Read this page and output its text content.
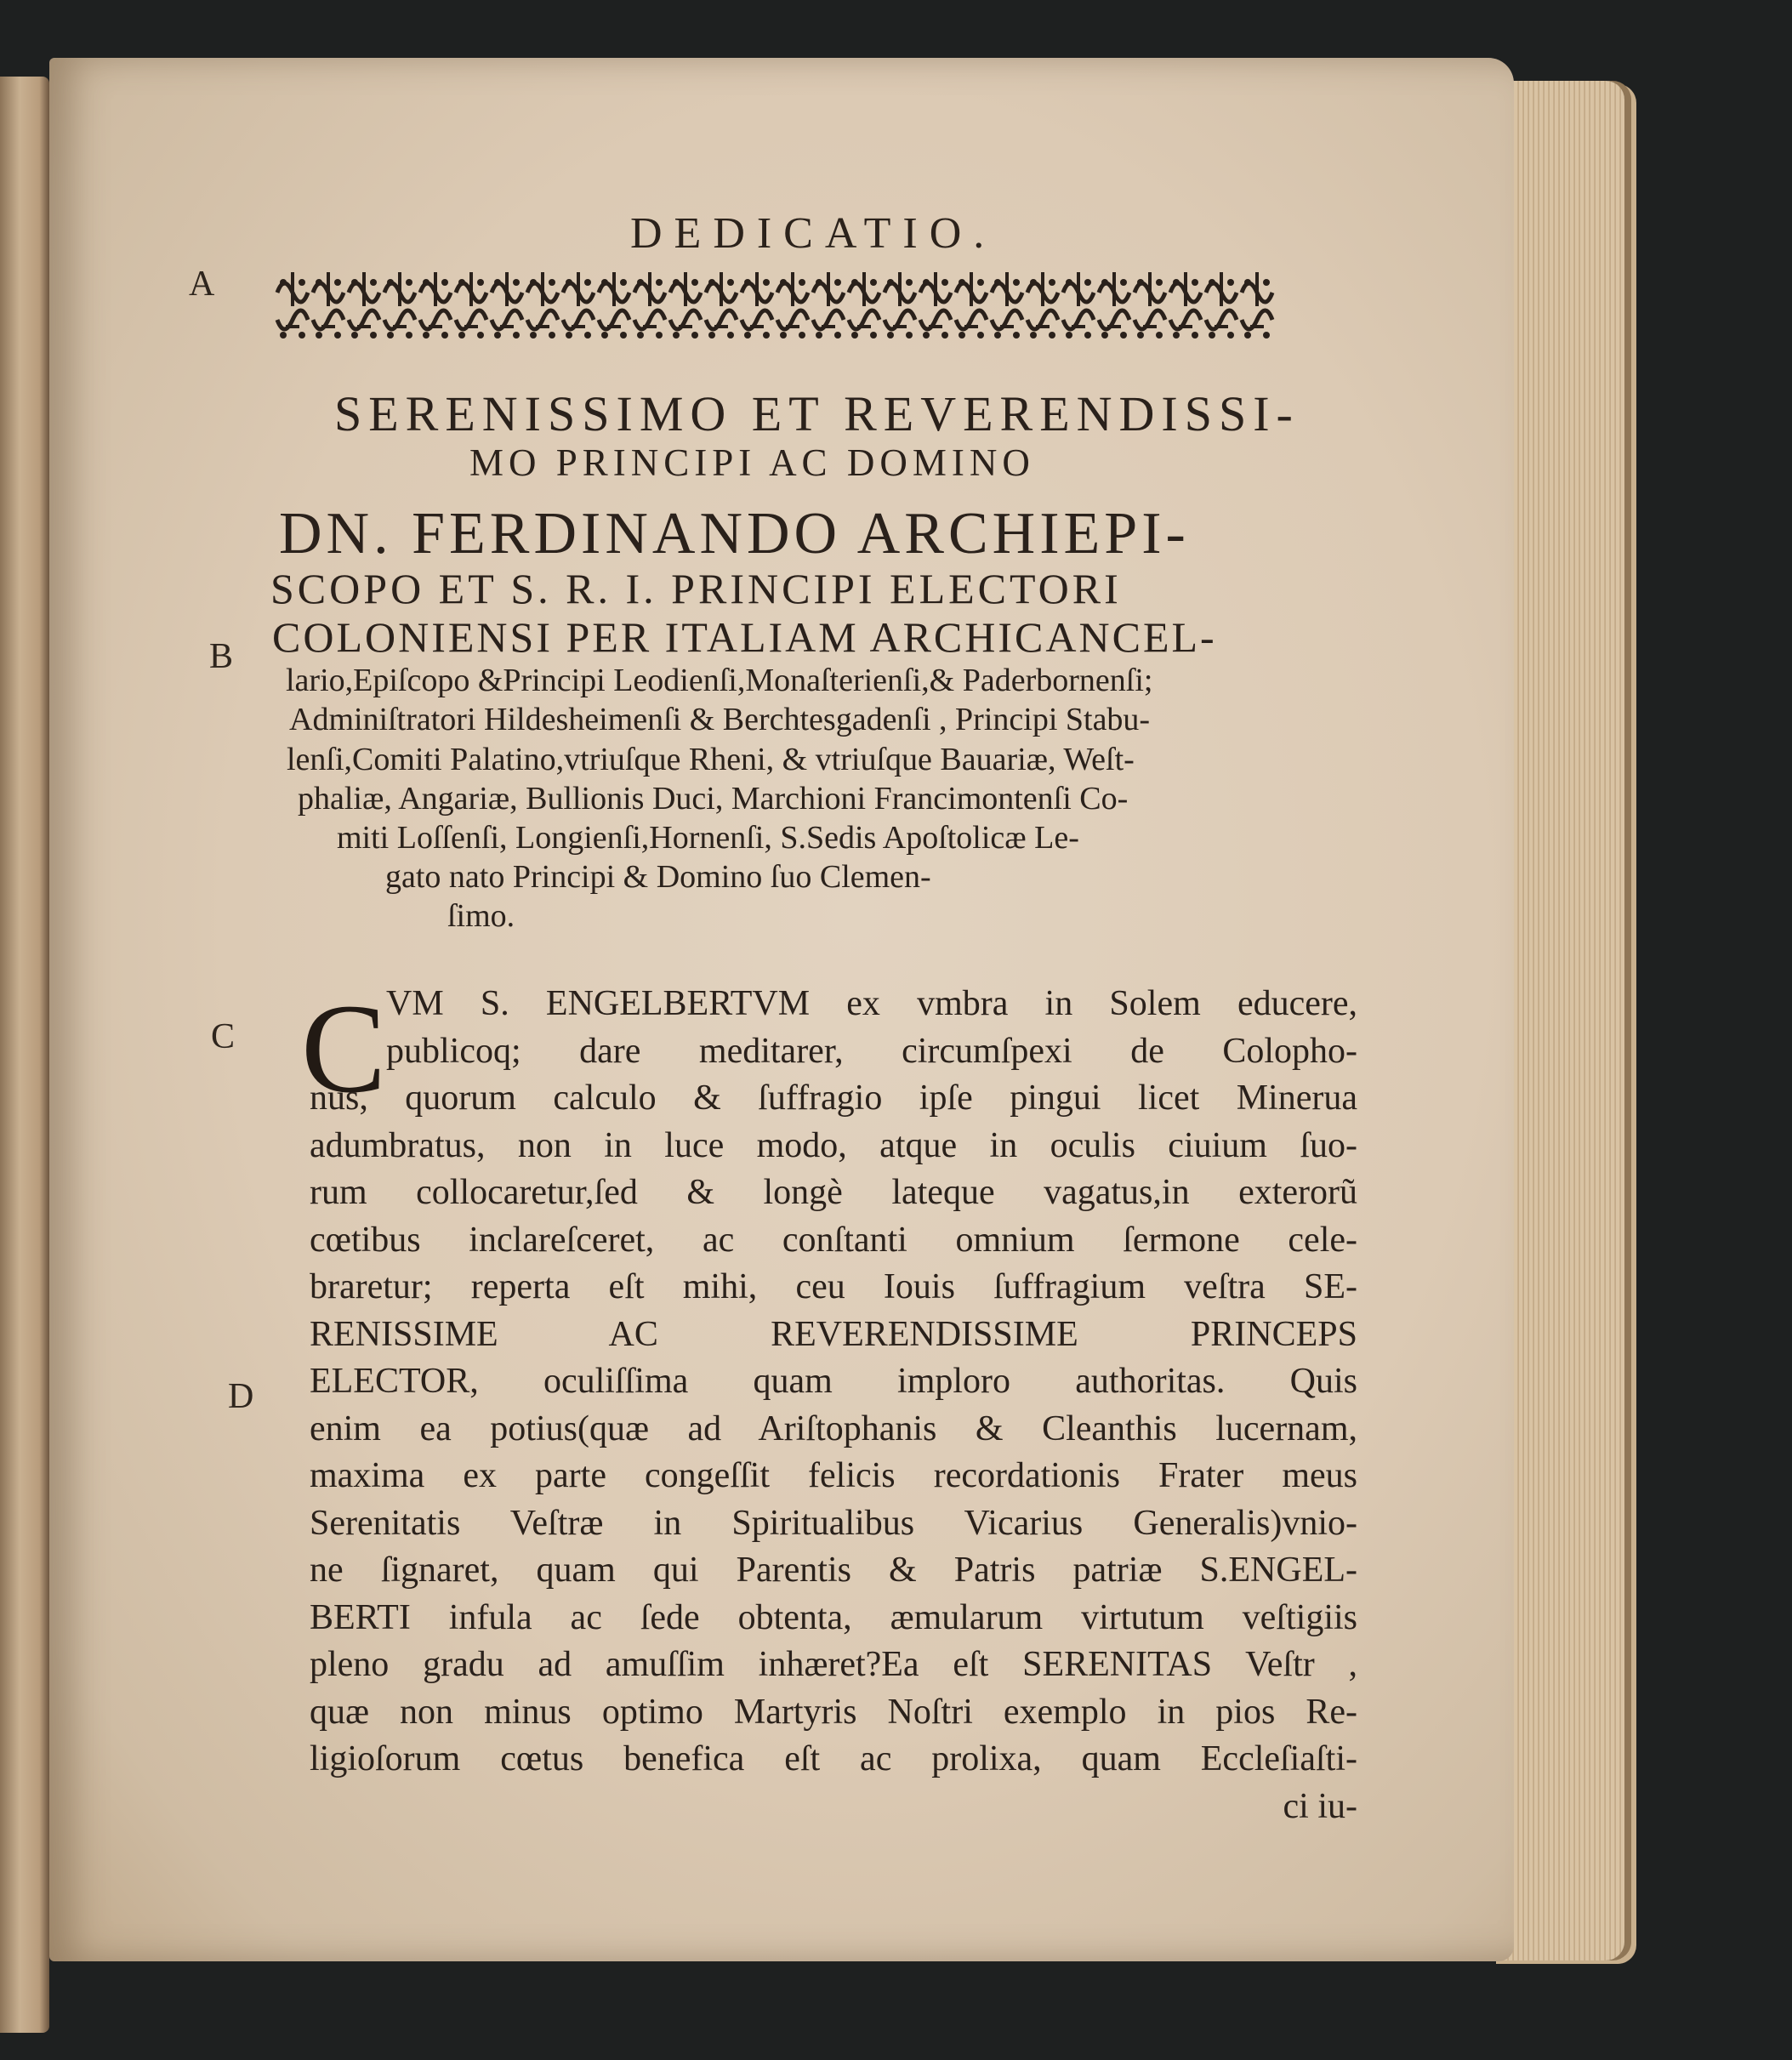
DEDICATIO.
A
B
C
D
SERENISSIMO ET REVERENDISSI-
MO PRINCIPI AC DOMINO
DN. FERDINANDO ARCHIEPI-
SCOPO ET S. R. I. PRINCIPI ELECTORI
COLONIENSI PER ITALIAM ARCHICANCEL-
lario,Epiſcopo &Principi Leodienſi,Monaſterienſi,& Paderbornenſi;
Adminiſtratori Hildesheimenſi & Berchtesgadenſi , Principi Stabu-
lenſi,Comiti Palatino,vtriuſque Rheni, & vtriuſque Bauariæ, Weſt-
phaliæ, Angariæ, Bullionis Duci, Marchioni Francimontenſi Co-
miti Loſſenſi, Longienſi,Hornenſi, S.Sedis Apoſtolicæ Le-
gato nato Principi & Domino ſuo Clemen-
ſimo.
C VM S. ENGELBERTVM ex vmbra in Solem educere,
publicoq; dare meditarer, circumſpexi de Colopho-
nus, quorum calculo & ſuffragio ipſe pingui licet Minerua
adumbratus, non in luce modo, atque in oculis ciuium ſuo-
rum collocaretur,ſed & longè lateque vagatus,in exterorũ
cœtibus inclareſceret, ac conſtanti omnium ſermone cele-
braretur; reperta eſt mihi, ceu Iouis ſuffragium veſtra SE-
RENISSIME AC REVERENDISSIME PRINCEPS
ELECTOR, oculiſſima quam imploro authoritas. Quis
enim ea potius(quæ ad Ariſtophanis & Cleanthis lucernam,
maxima ex parte congeſſit felicis recordationis Frater meus
Serenitatis Veſtræ in Spiritualibus Vicarius Generalis)vnio-
ne ſignaret, quam qui Parentis & Patris patriæ S.ENGEL-
BERTI infula ac ſede obtenta, æmularum virtutum veſtigiis
pleno gradu ad amuſſim inhæret?Ea eſt SERENITAS Veſtr ,
quæ non minus optimo Martyris Noſtri exemplo in pios Re-
ligioſorum cœtus benefica eſt ac prolixa, quam Eccleſiaſti-
ci iu-
